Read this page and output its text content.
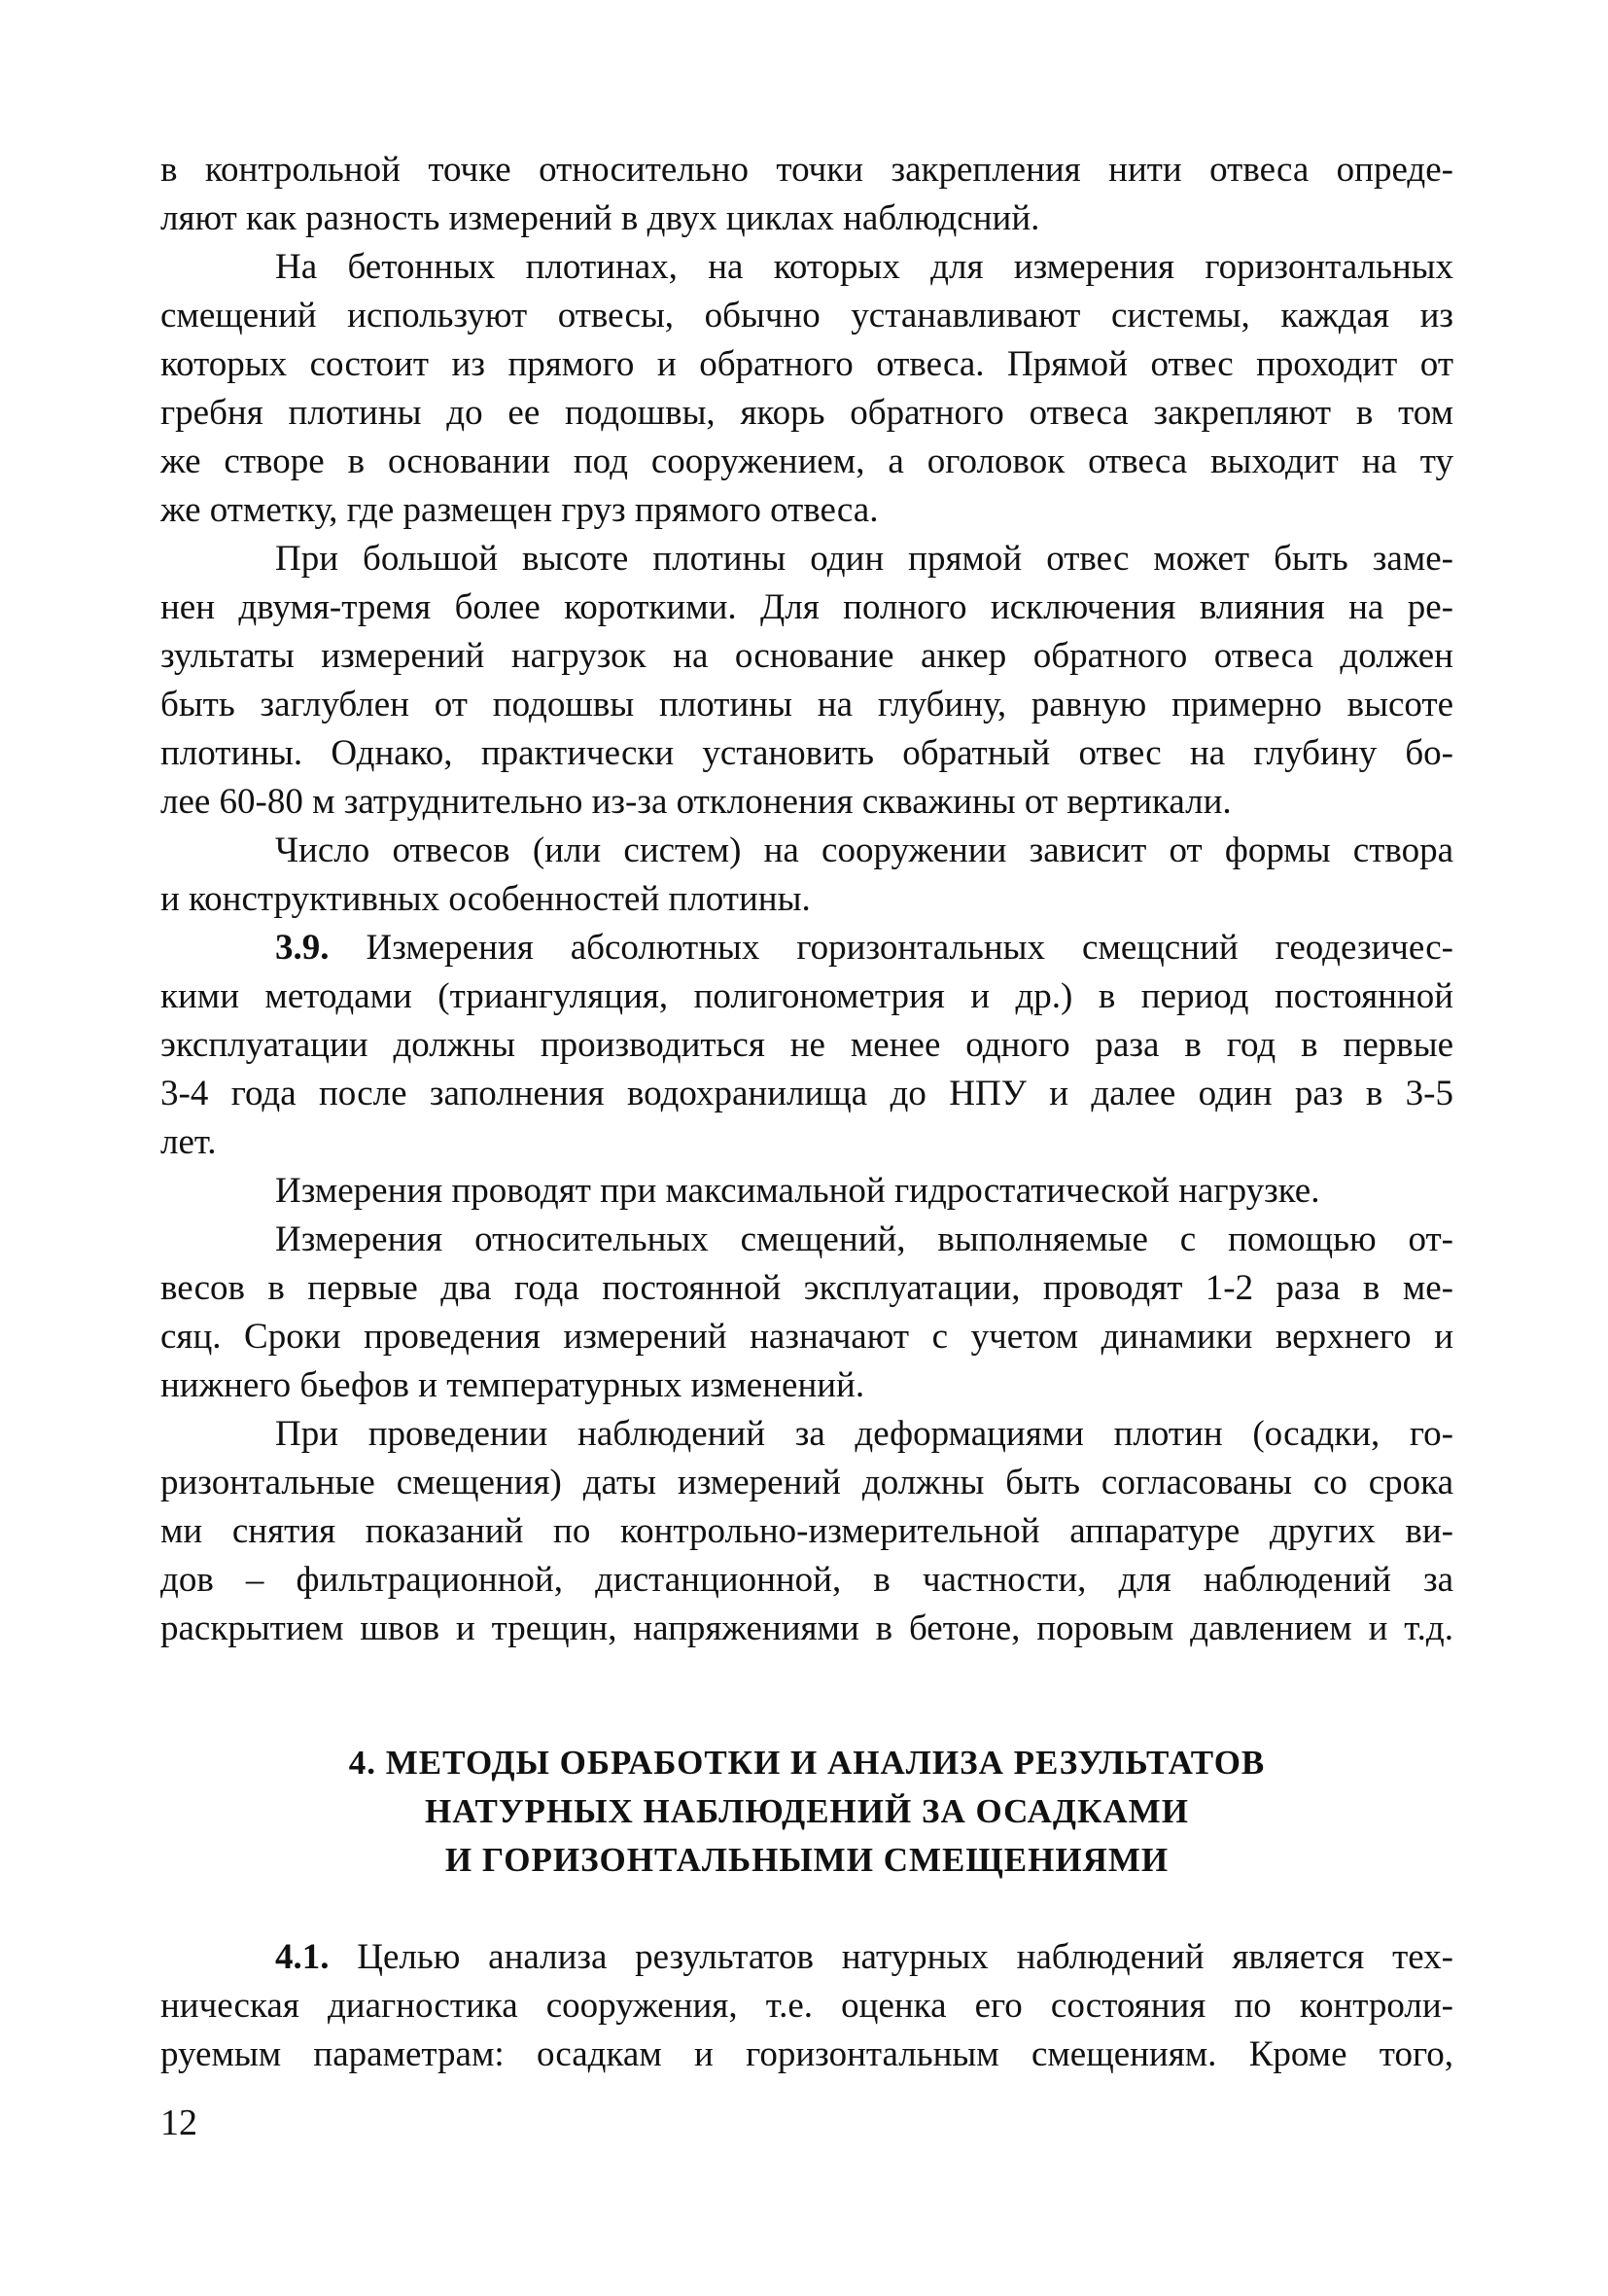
в контрольной точке относительно точки закрепления нити отвеса опреде-
ляют как разность измерений в двух циклах наблюдсний.
На бетонных плотинах, на которых для измерения горизонтальных
смещений используют отвесы, обычно устанавливают системы, каждая из
которых состоит из прямого и обратного отвеса. Прямой отвес проходит от
гребня плотины до ее подошвы, якорь обратного отвеса закрепляют в том
же створе в основании под сооружением, а оголовок отвеса выходит на ту
же отметку, где размещен груз прямого отвеса.
При большой высоте плотины один прямой отвес может быть заме-
нен двумя-тремя более короткими. Для полного исключения влияния на ре-
зультаты измерений нагрузок на основание анкер обратного отвеса должен
быть заглублен от подошвы плотины на глубину, равную примерно высоте
плотины. Однако, практически установить обратный отвес на глубину бо-
лее 60-80 м затруднительно из-за отклонения скважины от вертикали.
Число отвесов (или систем) на сооружении зависит от формы створа
и конструктивных особенностей плотины.
3.9. Измерения абсолютных горизонтальных смещсний геодезичес-
кими методами (триангуляция, полигонометрия и др.) в период постоянной
эксплуатации должны производиться не менее одного раза в год в первые
3-4 года после заполнения водохранилища до НПУ и далее один раз в 3-5
лет.
Измерения проводят при максимальной гидростатической нагрузке.
Измерения относительных смещений, выполняемые с помощью от-
весов в первые два года постоянной эксплуатации, проводят 1-2 раза в ме-
сяц. Сроки проведения измерений назначают с учетом динамики верхнего и
нижнего бьефов и температурных изменений.
При проведении наблюдений за деформациями плотин (осадки, го-
ризонтальные смещения) даты измерений должны быть согласованы со срока
ми снятия показаний по контрольно-измерительной аппаратуре других ви-
дов – фильтрационной, дистанционной, в частности, для наблюдений за
раскрытием швов и трещин, напряжениями в бетоне, поровым давлением и т.д.
4. МЕТОДЫ ОБРАБОТКИ И АНАЛИЗА РЕЗУЛЬТАТОВ
НАТУРНЫХ НАБЛЮДЕНИЙ ЗА ОСАДКАМИ
И ГОРИЗОНТАЛЬНЫМИ СМЕЩЕНИЯМИ
4.1. Целью анализа результатов натурных наблюдений является тех-
ническая диагностика сооружения, т.е. оценка его состояния по контроли-
руемым параметрам: осадкам и горизонтальным смещениям. Кроме того,
12
